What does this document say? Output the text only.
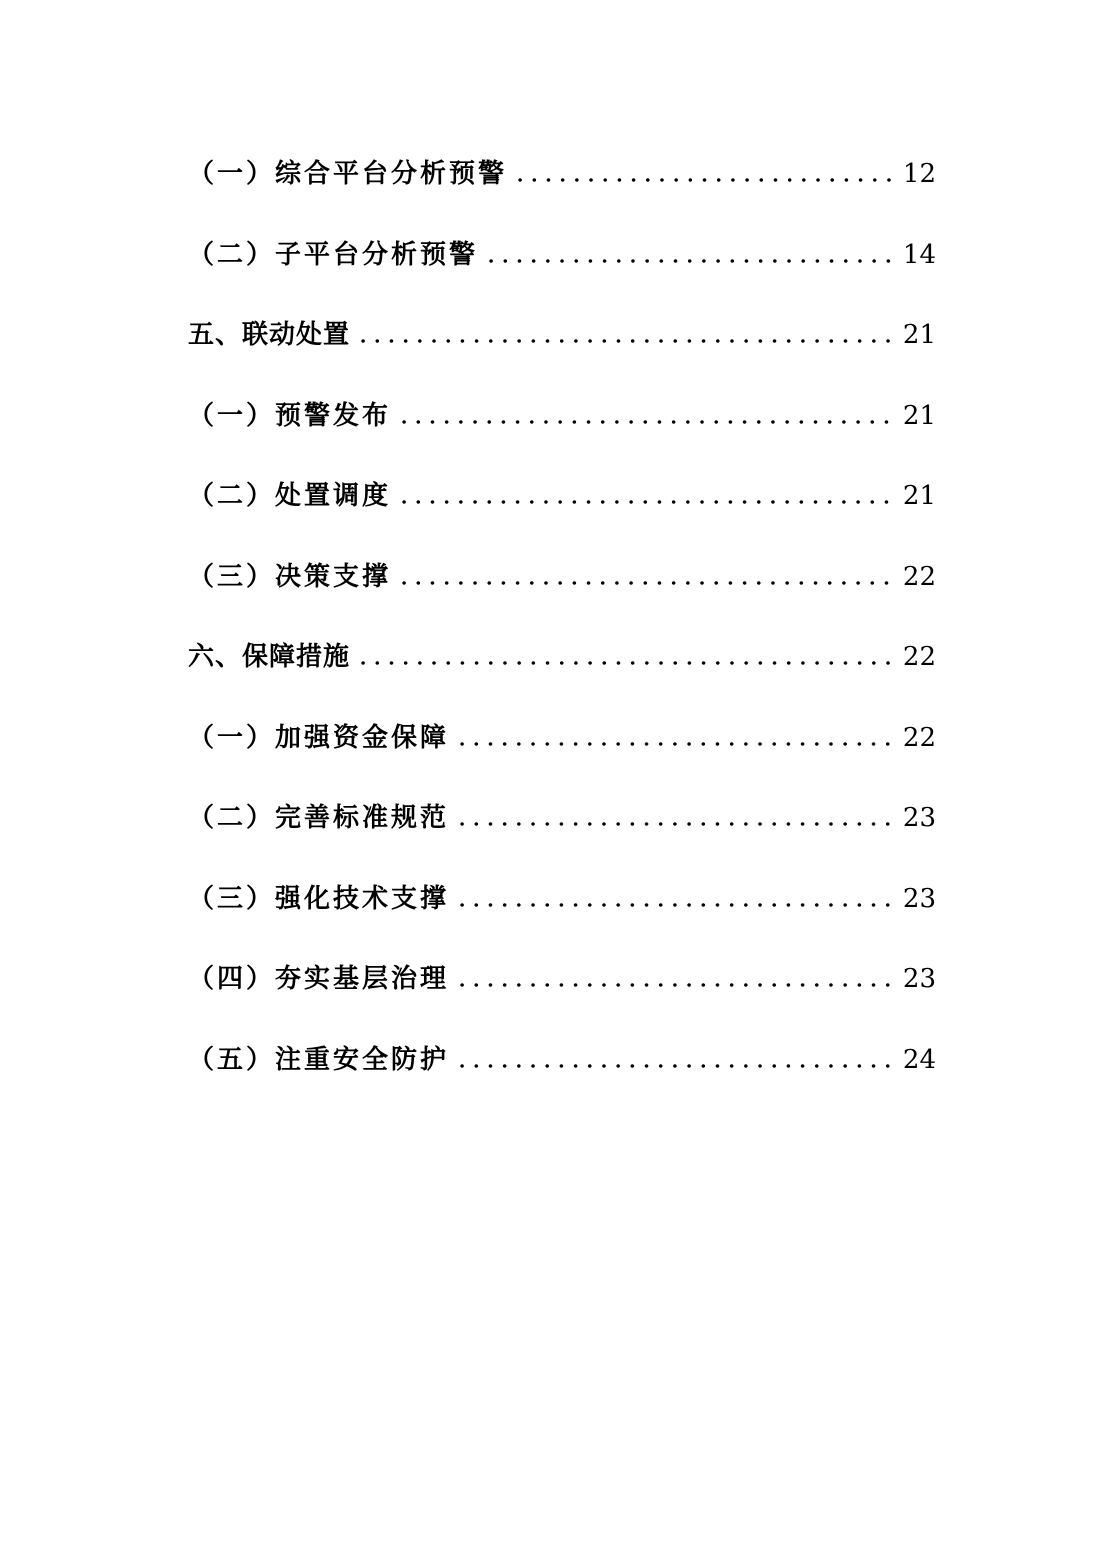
（一）综合平台分析预警	12
（二）子平台分析预警	14
五、联动处置	21
（一）预警发布	21
（二）处置调度	21
（三）决策支撑	22
六、保障措施	22
（一）加强资金保障	22
（二）完善标准规范	23
（三）强化技术支撑	23
（四）夯实基层治理	23
（五）注重安全防护	24
